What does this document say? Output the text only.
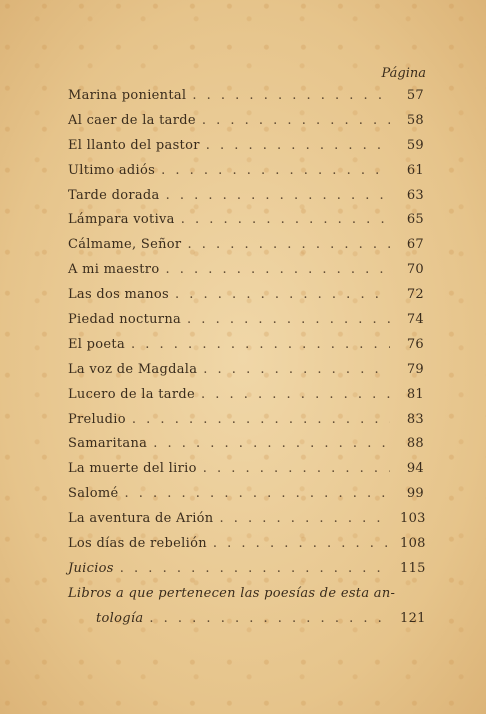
Página
Marina poniental . . .	57
Al caer de la tarde . . .	58
El llanto del pastor . . .	59
Ultimo adiós . . .	61
Tarde dorada . . .	63
Lámpara votiva . . .	65
Cálmame, Señor . . .	67
A mi maestro . . .	70
Las dos manos . . .	72
Piedad nocturna . . .	74
El poeta . . .	76
La voz de Magdala . . .	79
Lucero de la tarde . . .	81
Preludio . . .	83
Samaritana . . .	88
La muerte del lirio . . .	94
Salomé . . .	99
La aventura de Arión . . .	103
Los días de rebelión . . .	108
Juicios . . .	115
Libros a que pertenecen las poesías de esta an-
tología . . .	121
